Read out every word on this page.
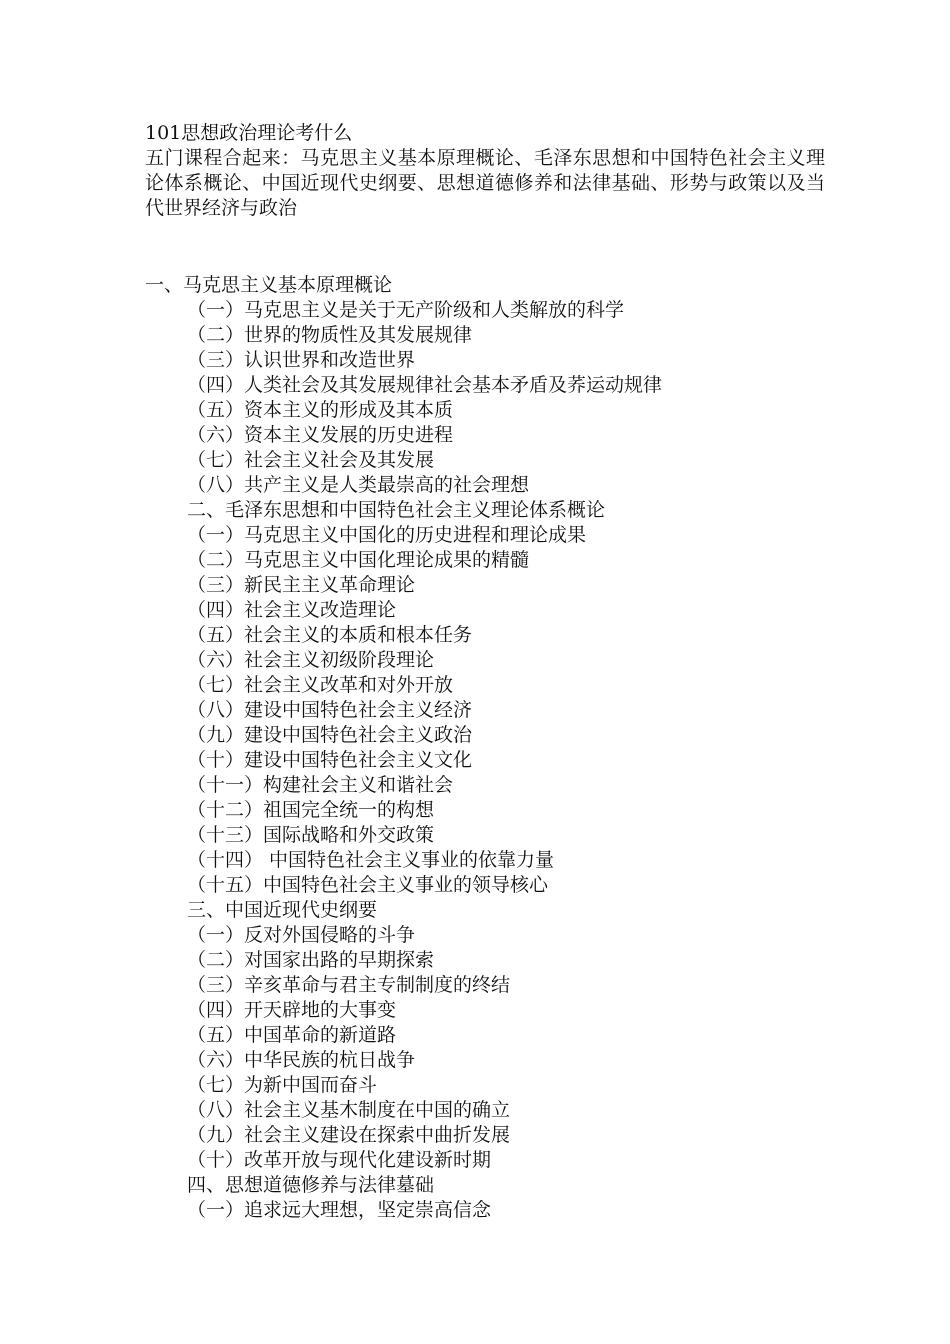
101思想政治理论考什么

五门课程合起来：马克思主义基本原理概论、毛泽东思想和中国特色社会主义理论体系概论、中国近现代史纲要、思想道德修养和法律基础、形势与政策以及当代世界经济与政治

一、马克思主义基本原理概论
（一）马克思主义是关于无产阶级和人类解放的科学
（二）世界的物质性及其发展规律
（三）认识世界和改造世界
（四）人类社会及其发展规律社会基本矛盾及荞运动规律
（五）资本主义的形成及其本质
（六）资本主义发展的历史进程
（七）社会主义社会及其发展
（八）共产主义是人类最崇高的社会理想
二、毛泽东思想和中国特色社会主义理论体系概论
（一）马克思主义中国化的历史进程和理论成果
（二）马克思主义中国化理论成果的精髓
（三）新民主主义革命理论
（四）社会主义改造理论
（五）社会主义的本质和根本任务
（六）社会主义初级阶段理论
（七）社会主义改革和对外开放
（八）建设中国特色社会主义经济
（九）建设中国特色社会主义政治
（十）建设中国特色社会主义文化
（十一）构建社会主义和谐社会
（十二）祖国完全统一的构想
（十三）国际战略和外交政策
（十四） 中国特色社会主义事业的依靠力量
（十五）中国特色社会主义事业的领导核心
三、中国近现代史纲要
（一）反对外国侵略的斗争
（二）对国家出路的早期探索
（三）辛亥革命与君主专制制度的终结
（四）开天辟地的大事变
（五）中国革命的新道路
（六）中华民族的杭日战争
（七）为新中国而奋斗
（八）社会主义基木制度在中国的确立
（九）社会主义建设在探索中曲折发展
（十）改革开放与现代化建设新时期
四、思想道德修养与法律墓础
（一）追求远大理想，坚定崇高信念
